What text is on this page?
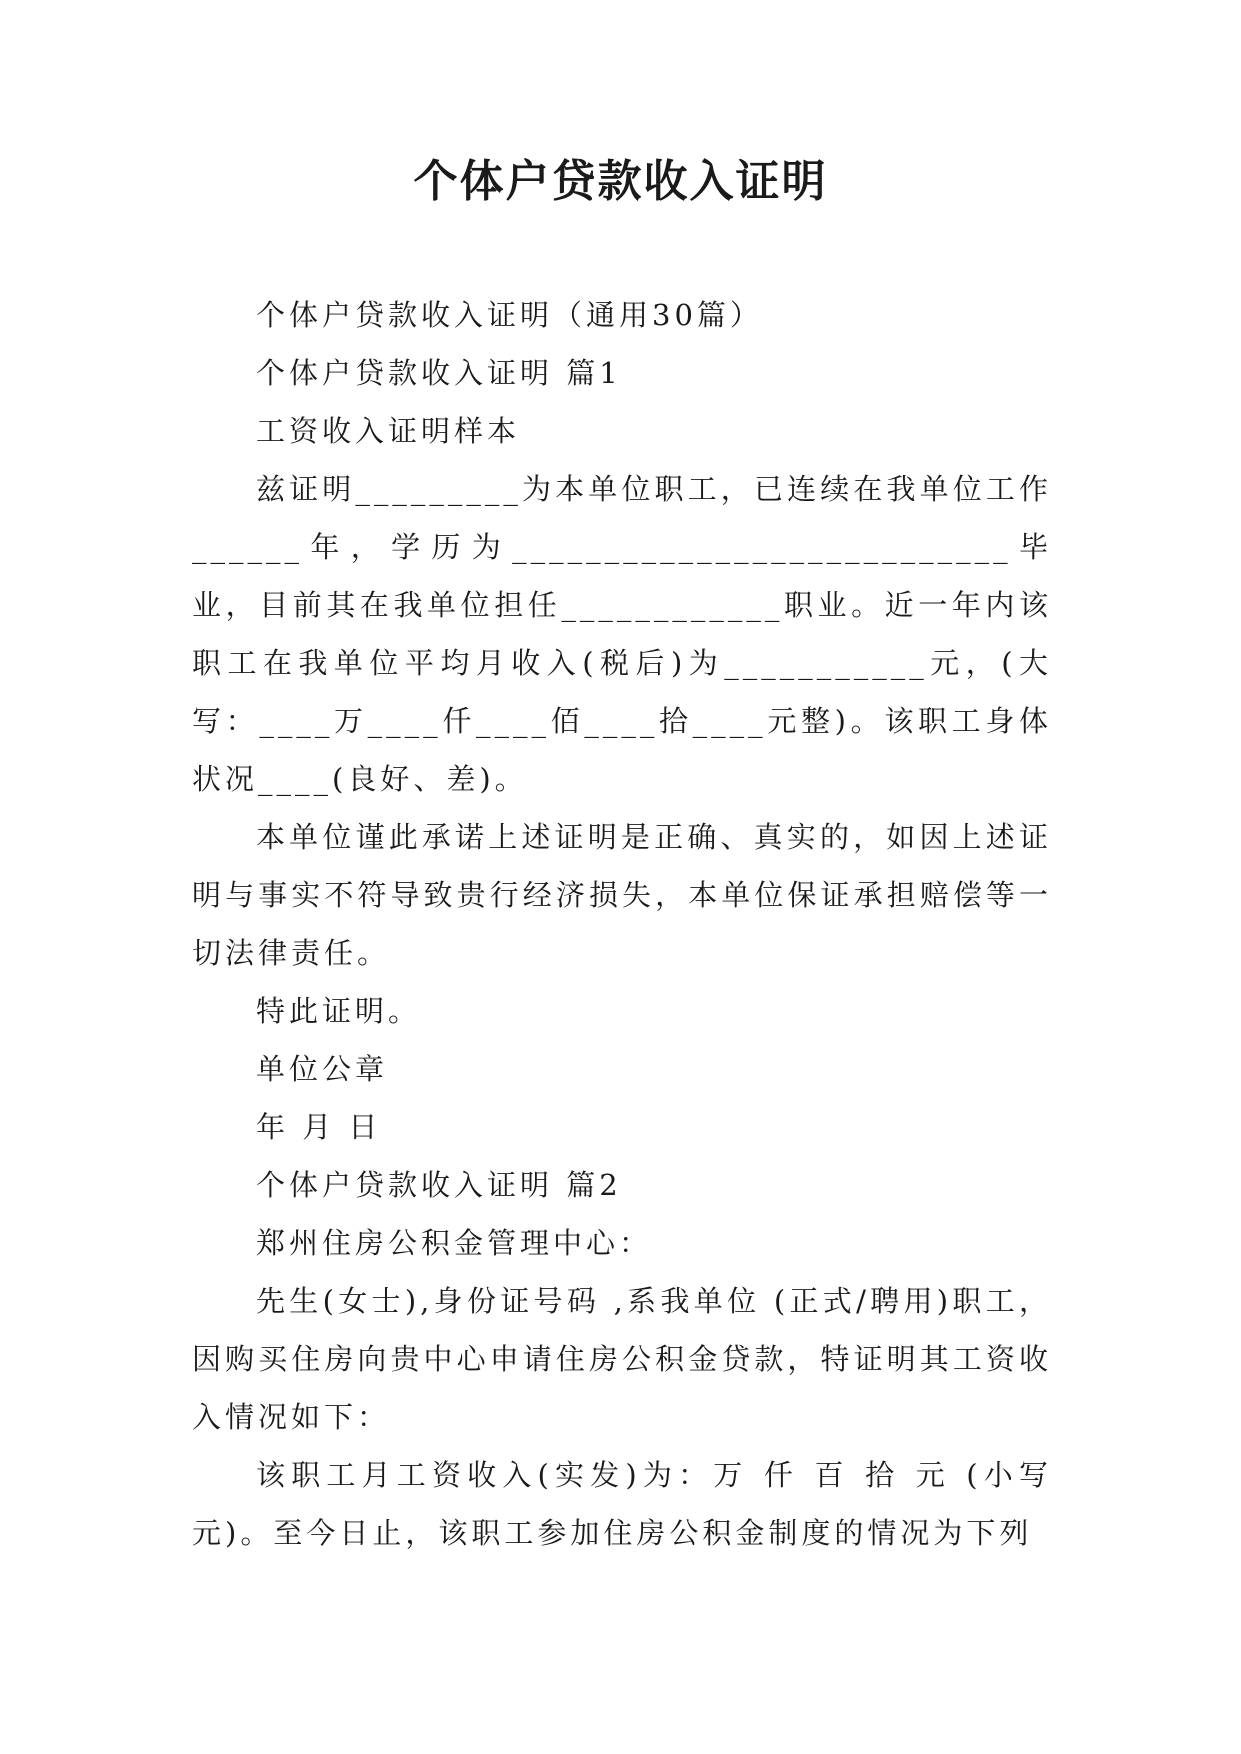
个体户贷款收入证明

个体户贷款收入证明（通用30篇）

个体户贷款收入证明 篇1

工资收入证明样本

兹证明_________为本单位职工，已连续在我单位工作______年，学历为___________________________毕业，目前其在我单位担任____________职业。近一年内该职工在我单位平均月收入(税后)为___________元，(大写：____万____仟____佰____拾____元整)。该职工身体状况____(良好、差)。

本单位谨此承诺上述证明是正确、真实的，如因上述证明与事实不符导致贵行经济损失，本单位保证承担赔偿等一切法律责任。

特此证明。

单位公章

年 月 日

个体户贷款收入证明 篇2

郑州住房公积金管理中心：

先生(女士),身份证号码 ,系我单位 (正式/聘用)职工，因购买住房向贵中心申请住房公积金贷款，特证明其工资收入情况如下：

该职工月工资收入(实发)为：万 仟 百 拾 元 (小写 元)。至今日止，该职工参加住房公积金制度的情况为下列
